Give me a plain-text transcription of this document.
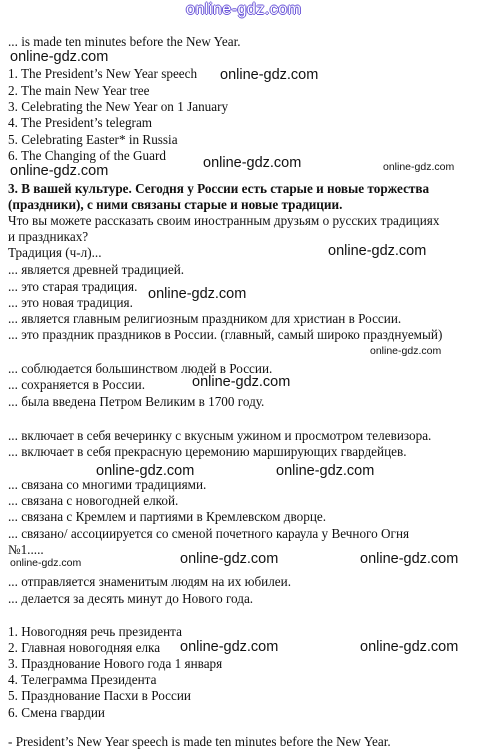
online-gdz.com
... is made ten minutes before the New Year.
1. The President’s New Year speech
2. The main New Year tree
3. Celebrating the New Year on 1 January
4. The President’s telegram
5. Celebrating Easter* in Russia
6. The Changing of the Guard
3. В вашей культуре. Сегодня у России есть старые и новые торжества
(праздники), с ними связаны старые и новые традиции.
Что вы можете рассказать своим иностранным друзьям о русских традициях
и праздниках?
Традиция (ч-л)...
... является древней традицией.
... это старая традиция.
... это новая традиция.
... является главным религиозным праздником для христиан в России.
... это праздник праздников в России. (главный, самый широко празднуемый)
... соблюдается большинством людей в России.
... сохраняется в России.
... была введена Петром Великим в 1700 году.
... включает в себя вечеринку с вкусным ужином и просмотром телевизора.
... включает в себя прекрасную церемонию марширующих гвардейцев.
... связана со многими традициями.
... связана с новогодней елкой.
... связана с Кремлем и партиями в Кремлевском дворце.
... связано/ ассоциируется со сменой почетного караула у Вечного Огня
№1.....
... отправляется знаменитым людям на их юбилеи.
... делается за десять минут до Нового года.
1. Новогодняя речь президента
2. Главная новогодняя елка
3. Празднование Нового года 1 января
4. Телеграмма Президента
5. Празднование Пасхи в России
6. Смена гвардии
- President’s New Year speech is made ten minutes before the New Year.
online-gdz.com
online-gdz.com
online-gdz.com	online-gdz.com	online-gdz.com
online-gdz.com
online-gdz.com
online-gdz.com
online-gdz.com
online-gdz.com	online-gdz.com
online-gdz.com	online-gdz.com	online-gdz.com
online-gdz.com	online-gdz.com
